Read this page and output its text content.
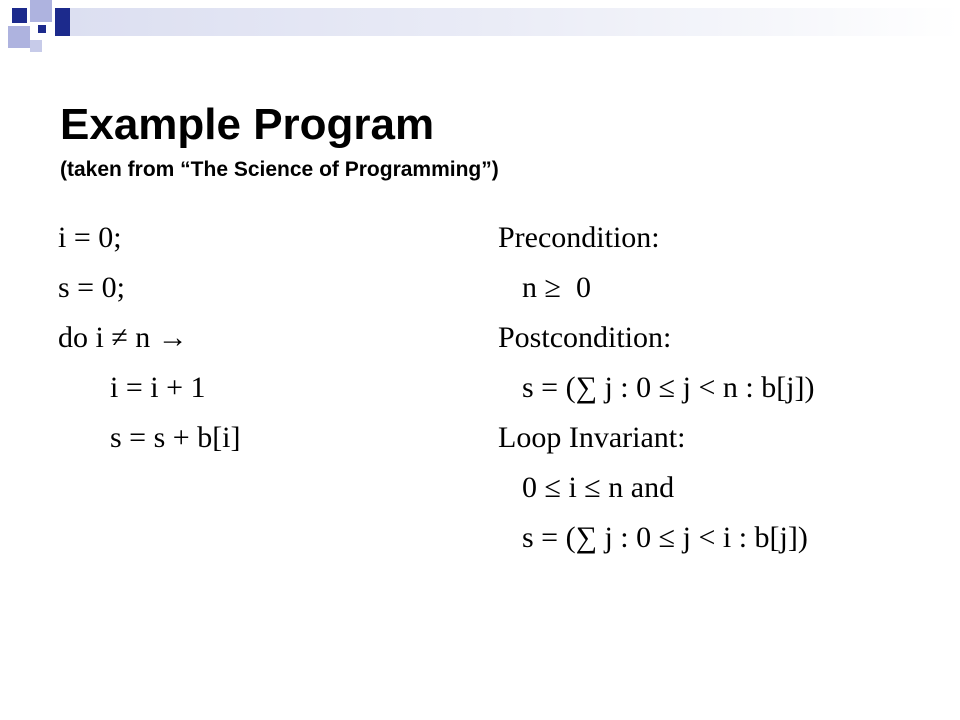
Example Program
(taken from “The Science of Programming”)
i = 0;
s = 0;
do i ≠ n →
i = i + 1
s = s + b[i]
Precondition:
n ≥  0
Postcondition:
s = (∑ j : 0 ≤ j < n : b[j])
Loop Invariant:
0 ≤ i ≤ n and
s = (∑ j : 0 ≤ j < i : b[j])
